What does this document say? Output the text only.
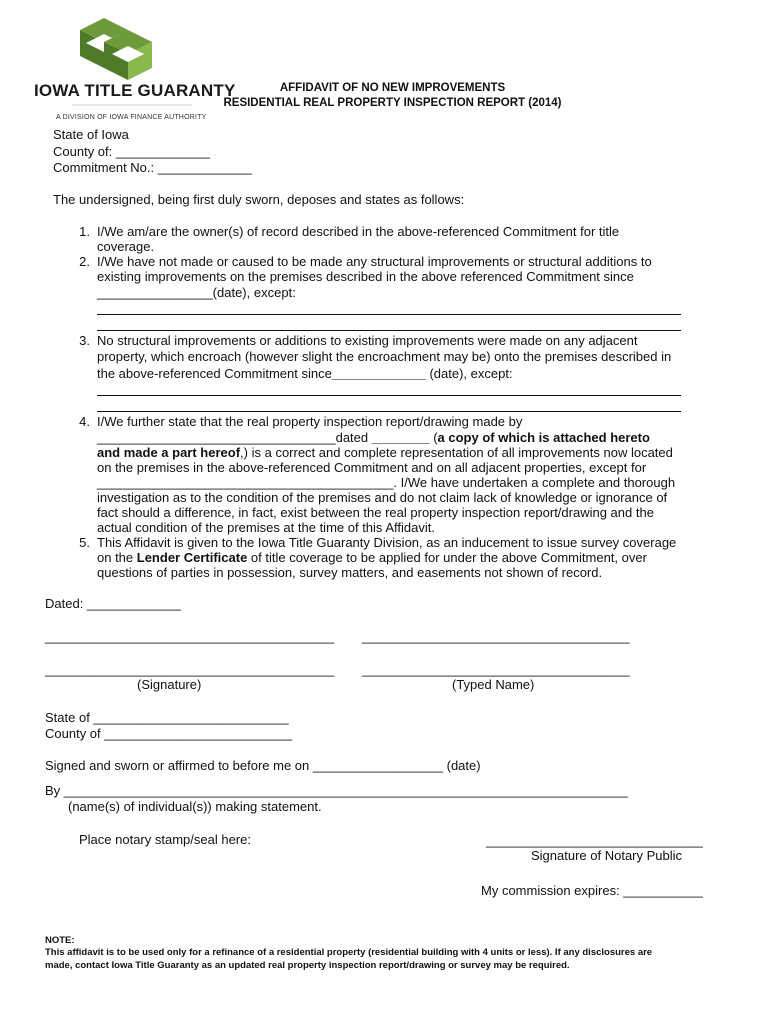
IOWA TITLE GUARANTY
A DIVISION OF IOWA FINANCE AUTHORITY
AFFIDAVIT OF NO NEW IMPROVEMENTS
RESIDENTIAL REAL PROPERTY INSPECTION REPORT (2014)
State of Iowa
County of: _____________
Commitment No.: _____________
The undersigned, being first duly sworn, deposes and states as follows:
1. I/We am/are the owner(s) of record described in the above-referenced Commitment for title
coverage.
2. I/We have not made or caused to be made any structural improvements or structural additions to
existing improvements on the premises described in the above referenced Commitment since
________________(date), except:
3. No structural improvements or additions to existing improvements were made on any adjacent
property, which encroach (however slight the encroachment may be) onto the premises described in
the above-referenced Commitment since_____________ (date), except:
4. I/We further state that the real property inspection report/drawing made by
_________________________________dated ________ (a copy of which is attached hereto
and made a part hereof,) is a correct and complete representation of all improvements now located
on the premises in the above-referenced Commitment and on all adjacent properties, except for
_________________________________________. I/We have undertaken a complete and thorough
investigation as to the condition of the premises and do not claim lack of knowledge or ignorance of
fact should a difference, in fact, exist between the real property inspection report/drawing and the
actual condition of the premises at the time of this Affidavit.
5. This Affidavit is given to the Iowa Title Guaranty Division, as an inducement to issue survey coverage
on the Lender Certificate of title coverage to be applied for under the above Commitment, over
questions of parties in possession, survey matters, and easements not shown of record.
Dated: _____________
________________________________________ _____________________________________
________________________________________ _____________________________________
(Signature)	(Typed Name)
State of ___________________________
County of __________________________
Signed and sworn or affirmed to before me on __________________ (date)
By ______________________________________________________________________________
(name(s) of individual(s)) making statement.
Place notary stamp/seal here:	______________________________
Signature of Notary Public
My commission expires: ___________
NOTE:
This affidavit is to be used only for a refinance of a residential property (residential building with 4 units or less). If any disclosures are
made, contact Iowa Title Guaranty as an updated real property inspection report/drawing or survey may be required.
